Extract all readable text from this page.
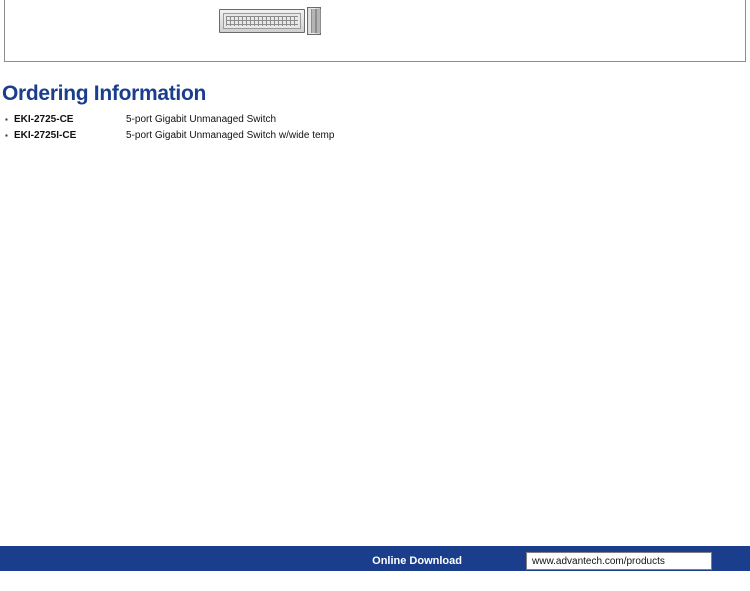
Ordering Information
▪ EKI-2725-CE	5-port Gigabit Unmanaged Switch
▪ EKI-2725I-CE	5-port Gigabit Unmanaged Switch w/wide temp
Online Download	www.advantech.com/products
